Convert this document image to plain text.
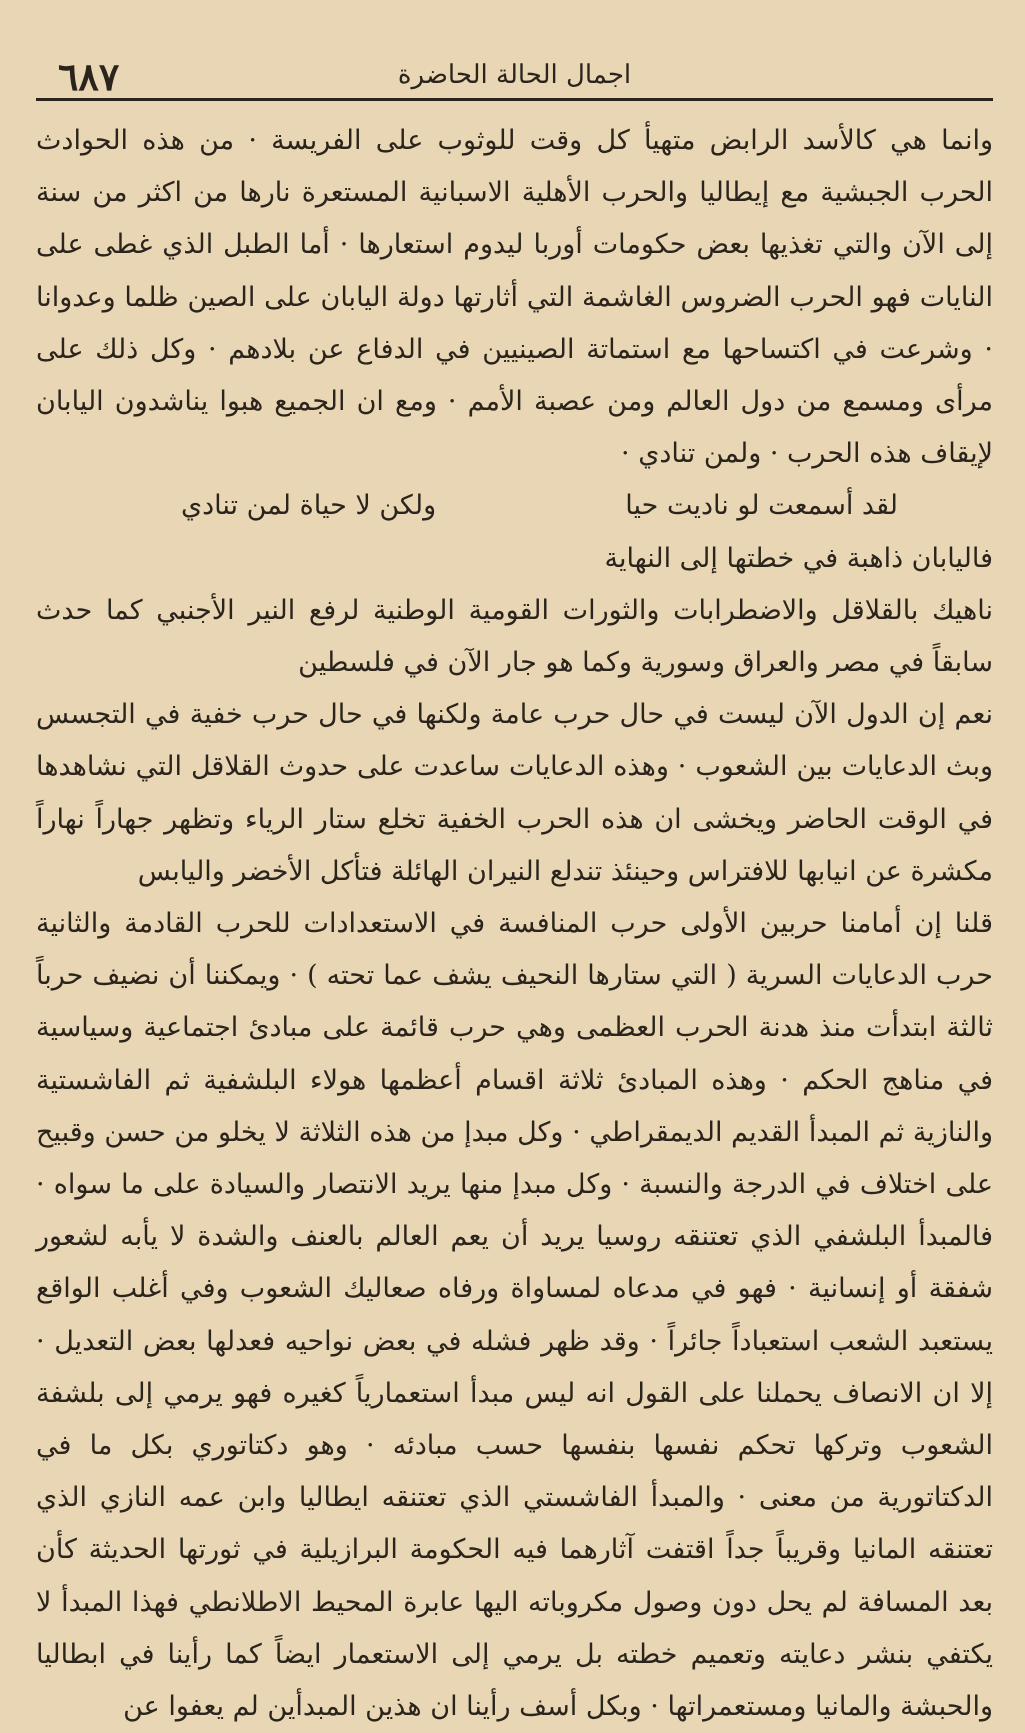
٦٨٧	اجمال الحالة الحاضرة

وانما هي كالأسد الرابض متهيأ كل وقت للوثوب على الفريسة · من هذه الحوادث الحرب الجبشية مع إيطاليا والحرب الأهلية الاسبانية المستعرة نارها من اكثر من سنة إلى الآن والتي تغذيها بعض حكومات أوربا ليدوم استعارها · أما الطبل الذي غطى على النايات فهو الحرب الضروس الغاشمة التي أثارتها دولة اليابان على الصين ظلما وعدوانا · وشرعت في اكتساحها مع استماتة الصينيين في الدفاع عن بلادهم · وكل ذلك على مرأى ومسمع من دول العالم ومن عصبة الأمم · ومع ان الجميع هبوا يناشدون اليابان لإيقاف هذه الحرب · ولمن تنادي ·

لقد أسمعت لو ناديت حيا
ولكن لا حياة لمن تنادي

فاليابان ذاهبة في خطتها إلى النهاية

ناهيك بالقلاقل والاضطرابات والثورات القومية الوطنية لرفع النير الأجنبي كما حدث سابقاً في مصر والعراق وسورية وكما هو جار الآن في فلسطين

نعم إن الدول الآن ليست في حال حرب عامة ولكنها في حال حرب خفية في التجسس وبث الدعايات بين الشعوب · وهذه الدعايات ساعدت على حدوث القلاقل التي نشاهدها في الوقت الحاضر ويخشى ان هذه الحرب الخفية تخلع ستار الرياء وتظهر جهاراً نهاراً مكشرة عن انيابها للافتراس وحينئذ تندلع النيران الهائلة فتأكل الأخضر واليابس

قلنا إن أمامنا حربين الأولى حرب المنافسة في الاستعدادات للحرب القادمة والثانية حرب الدعايات السرية ( التي ستارها النحيف يشف عما تحته ) · ويمكننا أن نضيف حرباً ثالثة ابتدأت منذ هدنة الحرب العظمى وهي حرب قائمة على مبادئ اجتماعية وسياسية في مناهج الحكم · وهذه المبادئ ثلاثة اقسام أعظمها هولاء البلشفية ثم الفاشستية والنازية ثم المبدأ القديم الديمقراطي · وكل مبدإ من هذه الثلاثة لا يخلو من حسن وقبيح على اختلاف في الدرجة والنسبة · وكل مبدإ منها يريد الانتصار والسيادة على ما سواه · فالمبدأ البلشفي الذي تعتنقه روسيا يريد أن يعم العالم بالعنف والشدة لا يأبه لشعور شفقة أو إنسانية · فهو في مدعاه لمساواة ورفاه صعاليك الشعوب وفي أغلب الواقع يستعبد الشعب استعباداً جائراً · وقد ظهر فشله في بعض نواحيه فعدلها بعض التعديل · إلا ان الانصاف يحملنا على القول انه ليس مبدأ استعمارياً كغيره فهو يرمي إلى بلشفة الشعوب وتركها تحكم نفسها بنفسها حسب مبادئه · وهو دكتاتوري بكل ما في الدكتاتورية من معنى · والمبدأ الفاشستي الذي تعتنقه ايطاليا وابن عمه النازي الذي تعتنقه المانيا وقريباً جداً اقتفت آثارهما فيه الحكومة البرازيلية في ثورتها الحديثة كأن بعد المسافة لم يحل دون وصول مكروباته اليها عابرة المحيط الاطلانطي فهذا المبدأ لا يكتفي بنشر دعايته وتعميم خطته بل يرمي إلى الاستعمار ايضاً كما رأينا في ابطاليا والحبشة والمانيا ومستعمراتها · وبكل أسف رأينا ان هذين المبدأين لم يعفوا عن
